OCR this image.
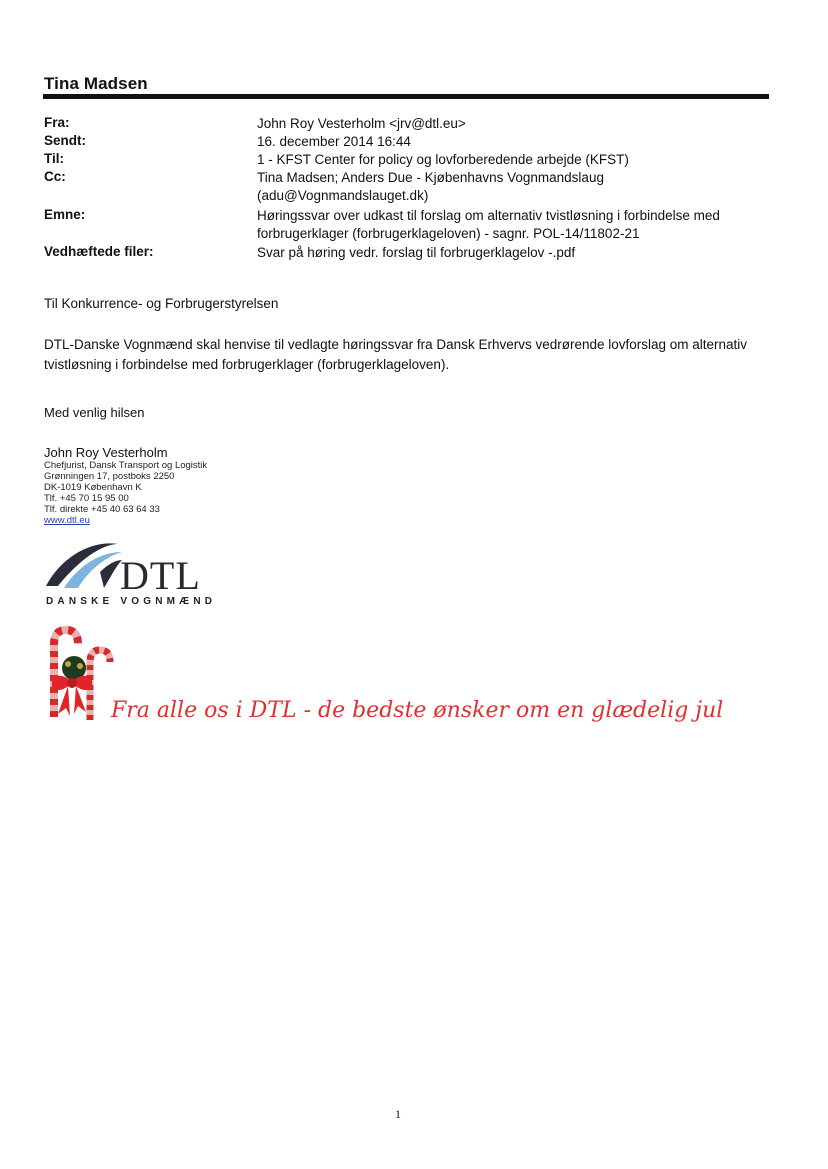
Tina Madsen
Fra:	John Roy Vesterholm <jrv@dtl.eu>
Sendt:	16. december 2014 16:44
Til:	1 - KFST Center for policy og lovforberedende arbejde (KFST)
Cc:	Tina Madsen; Anders Due - Kjøbenhavns Vognmandslaug
(adu@Vognmandslauget.dk)
Emne:	Høringssvar over udkast til forslag om alternativ tvistløsning i forbindelse med
forbrugerklager (forbrugerklageloven) - sagnr. POL-14/11802-21
Vedhæftede filer:	Svar på høring vedr. forslag til forbrugerklagelov -.pdf
Til Konkurrence- og Forbrugerstyrelsen
DTL-Danske Vognmænd skal henvise til vedlagte høringssvar fra Dansk Erhvervs vedrørende lovforslag om alternativ
tvistløsning i forbindelse med forbrugerklager (forbrugerklageloven).
Med venlig hilsen
John Roy Vesterholm
Chefjurist, Dansk Transport og Logistik
Grønningen 17, postboks 2250
DK-1019 København K
Tlf. +45 70 15 95 00
Tlf. direkte +45 40 63 64 33
www.dtl.eu
DTL
DANSKE VOGNMÆND
Fra alle os i DTL - de bedste ønsker om en glædelig jul
1
